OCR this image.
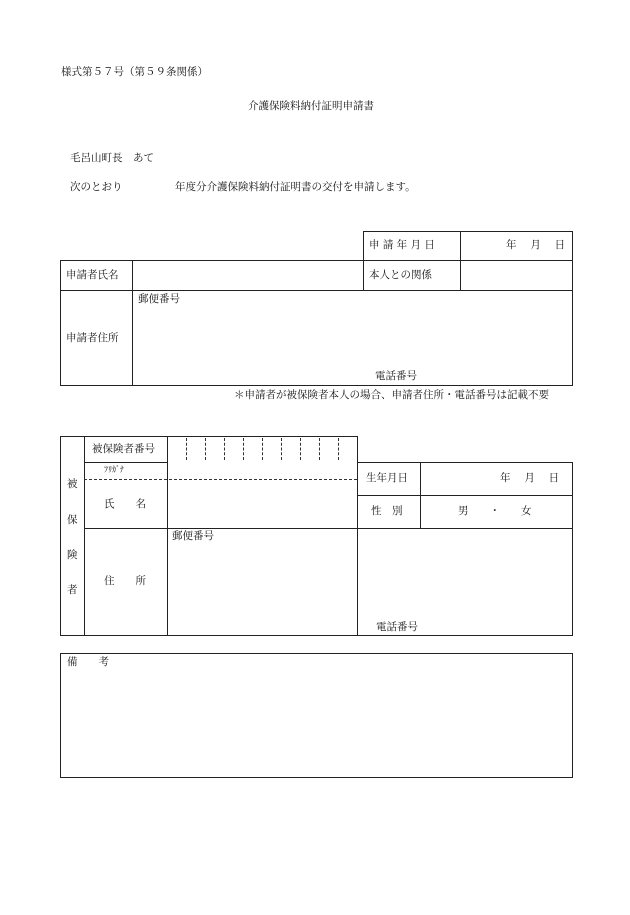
様式第５７号（第５９条関係）
介護保険料納付証明申請書
毛呂山町長　あて
次のとおり	年度分介護保険料納付証明書の交付を申請します。
申 請 年 月 日	年　 月　 日
申請者氏名	本人との関係
申請者住所
郵便番号
電話番号
＊申請者が被保険者本人の場合、申請者住所・電話番号は記載不要
被
保
険
者
被保険者番号
ﾌﾘｶﾞﾅ
氏　　名
生年月日	年　 月　 日
性　別	男　　・　　女
住　　所
郵便番号
電話番号
備　　考
